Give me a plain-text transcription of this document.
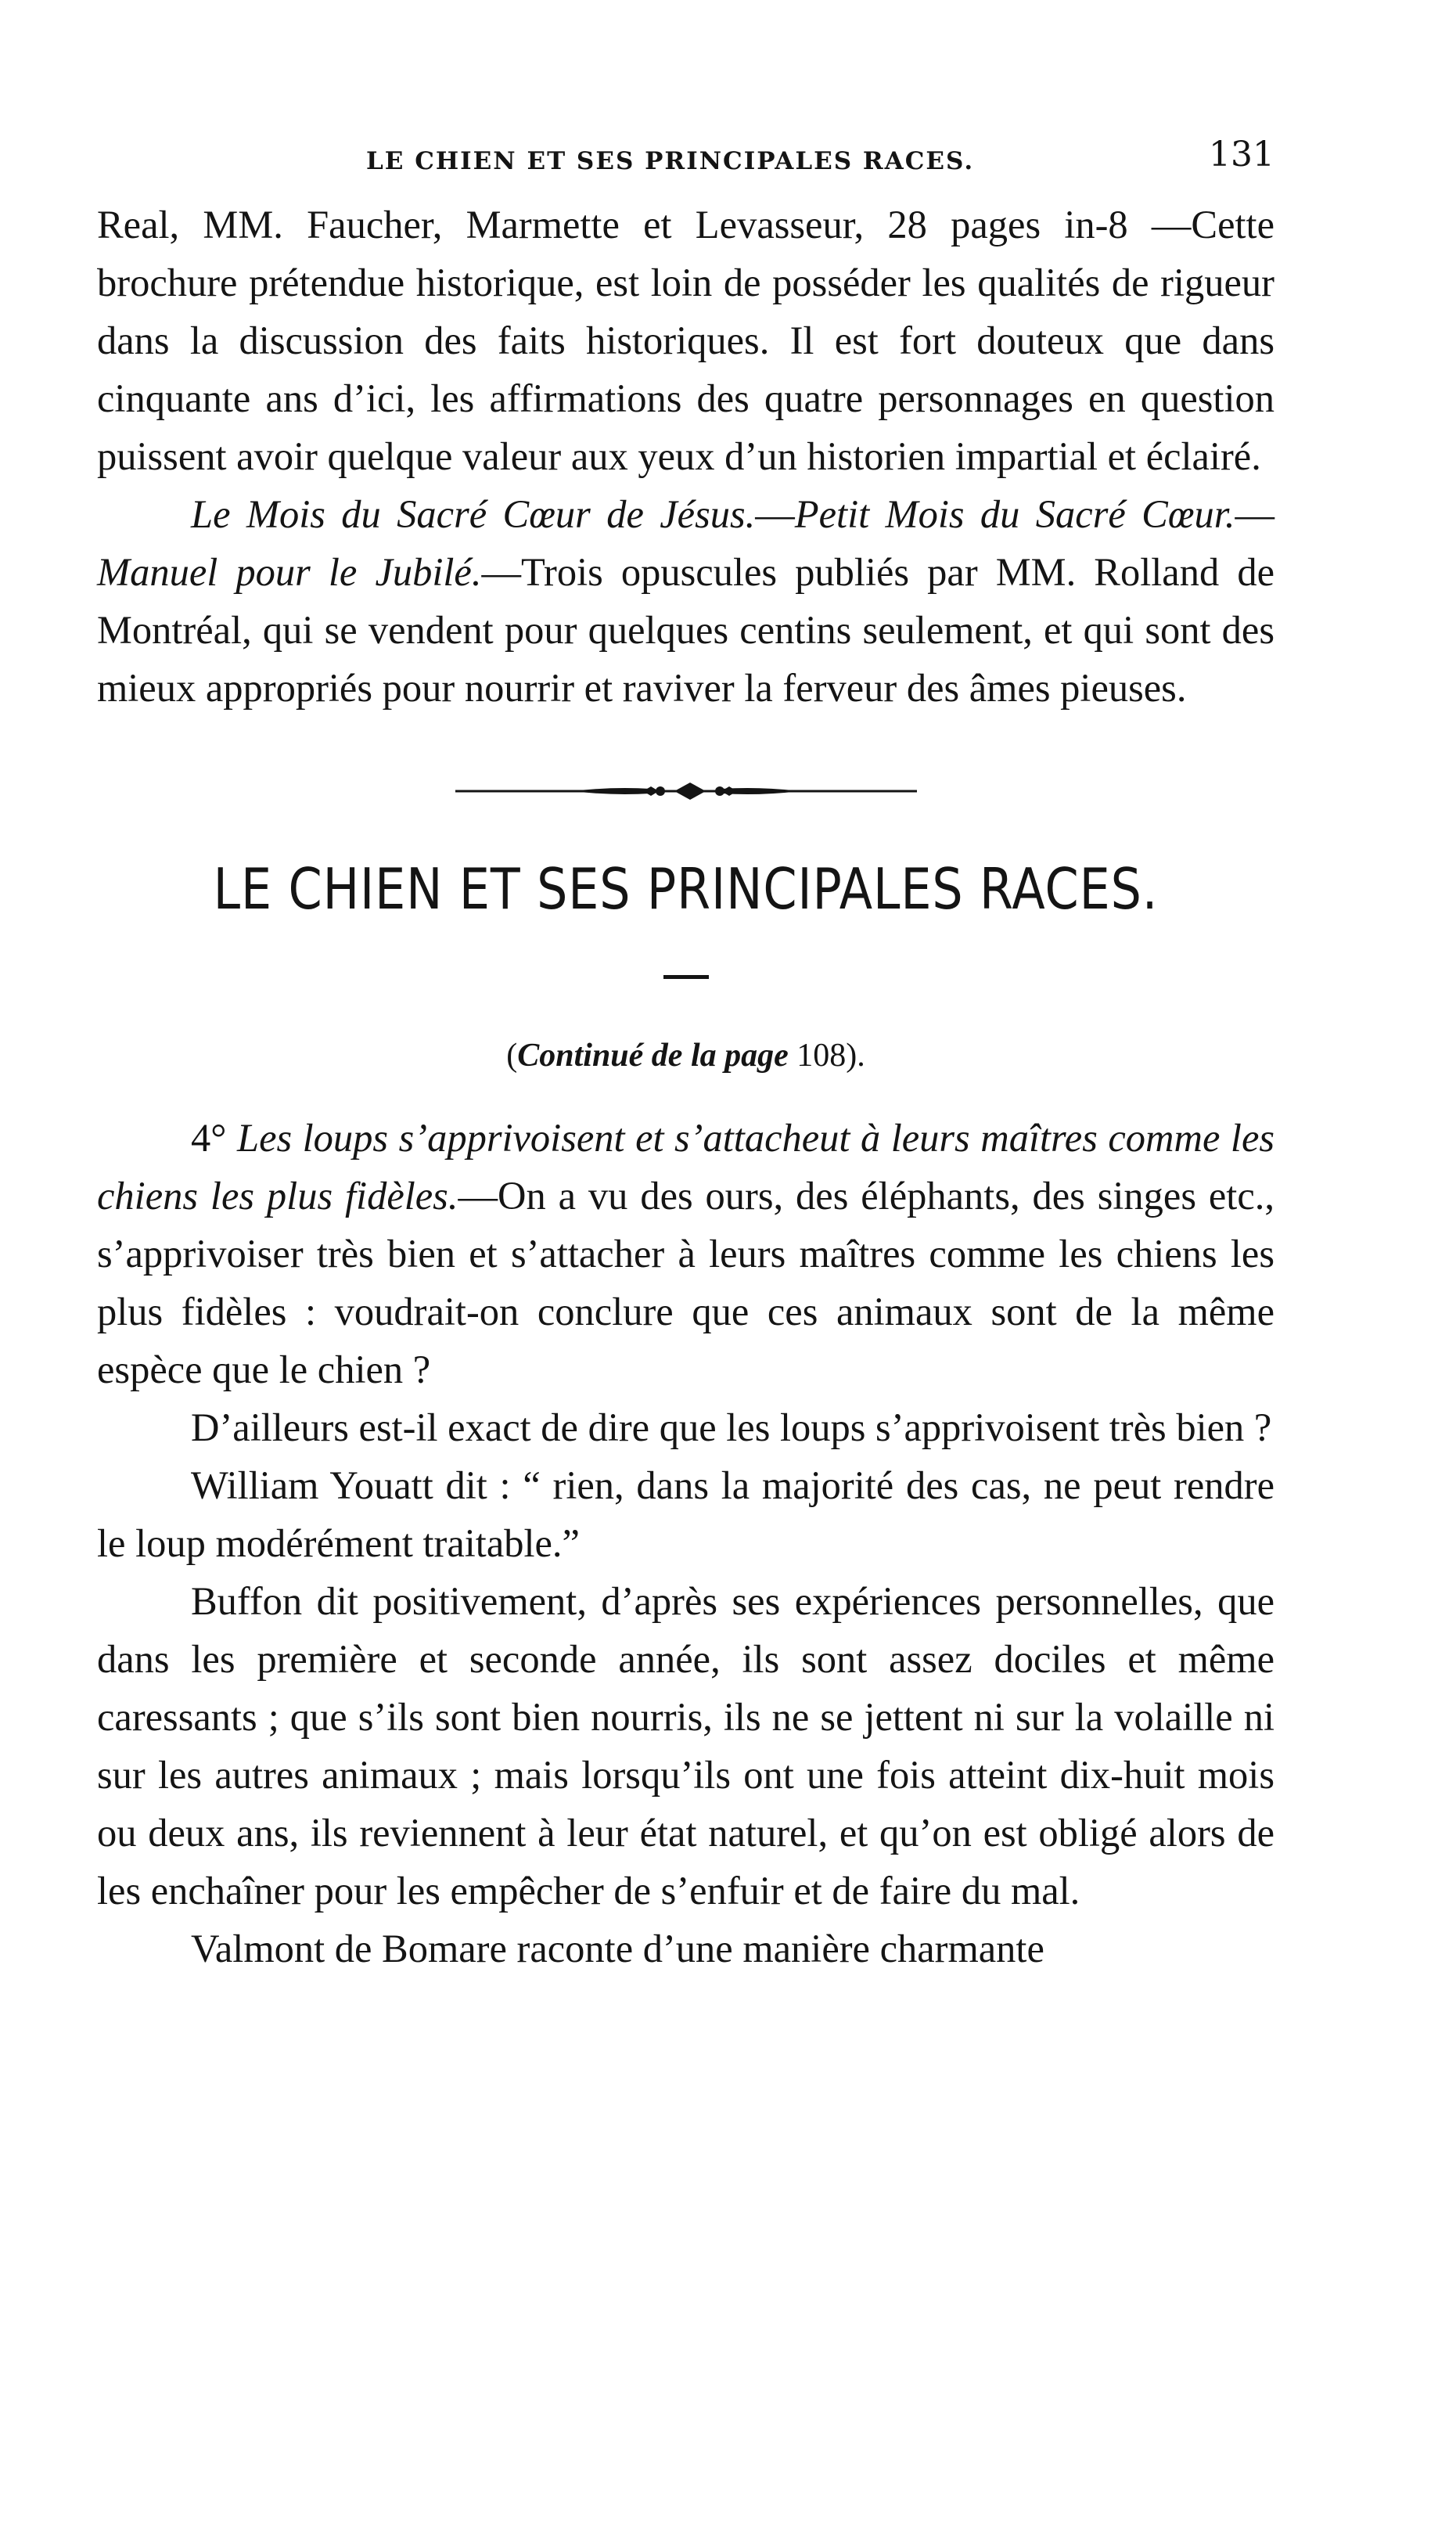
LE CHIEN ET SES PRINCIPALES RACES.	131

Real, MM. Faucher, Marmette et Levasseur, 28 pages in-8 —Cette brochure prétendue historique, est loin de posséder les qualités de rigueur dans la discussion des faits historiques. Il est fort douteux que dans cinquante ans d’ici, les affirmations des quatre personnages en question puissent avoir quelque valeur aux yeux d’un historien impartial et éclairé.

Le Mois du Sacré Cœur de Jésus.—Petit Mois du Sacré Cœur.—Manuel pour le Jubilé.—Trois opuscules publiés par MM. Rolland de Montréal, qui se vendent pour quelques centins seulement, et qui sont des mieux appropriés pour nourrir et raviver la ferveur des âmes pieuses.

LE CHIEN ET SES PRINCIPALES RACES.
(Continué de la page 108).

4° Les loups s’apprivoisent et s’attacheut à leurs maîtres comme les chiens les plus fidèles.—On a vu des ours, des éléphants, des singes etc., s’apprivoiser très bien et s’attacher à leurs maîtres comme les chiens les plus fidèles : voudrait-on conclure que ces animaux sont de la même espèce que le chien ?

D’ailleurs est-il exact de dire que les loups s’apprivoisent très bien ?

William Youatt dit : “ rien, dans la majorité des cas, ne peut rendre le loup modérément traitable.”

Buffon dit positivement, d’après ses expériences personnelles, que dans les première et seconde année, ils sont assez dociles et même caressants ; que s’ils sont bien nourris, ils ne se jettent ni sur la volaille ni sur les autres animaux ; mais lorsqu’ils ont une fois atteint dix-huit mois ou deux ans, ils reviennent à leur état naturel, et qu’on est obligé alors de les enchaîner pour les empêcher de s’enfuir et de faire du mal.

Valmont de Bomare raconte d’une manière charmante
